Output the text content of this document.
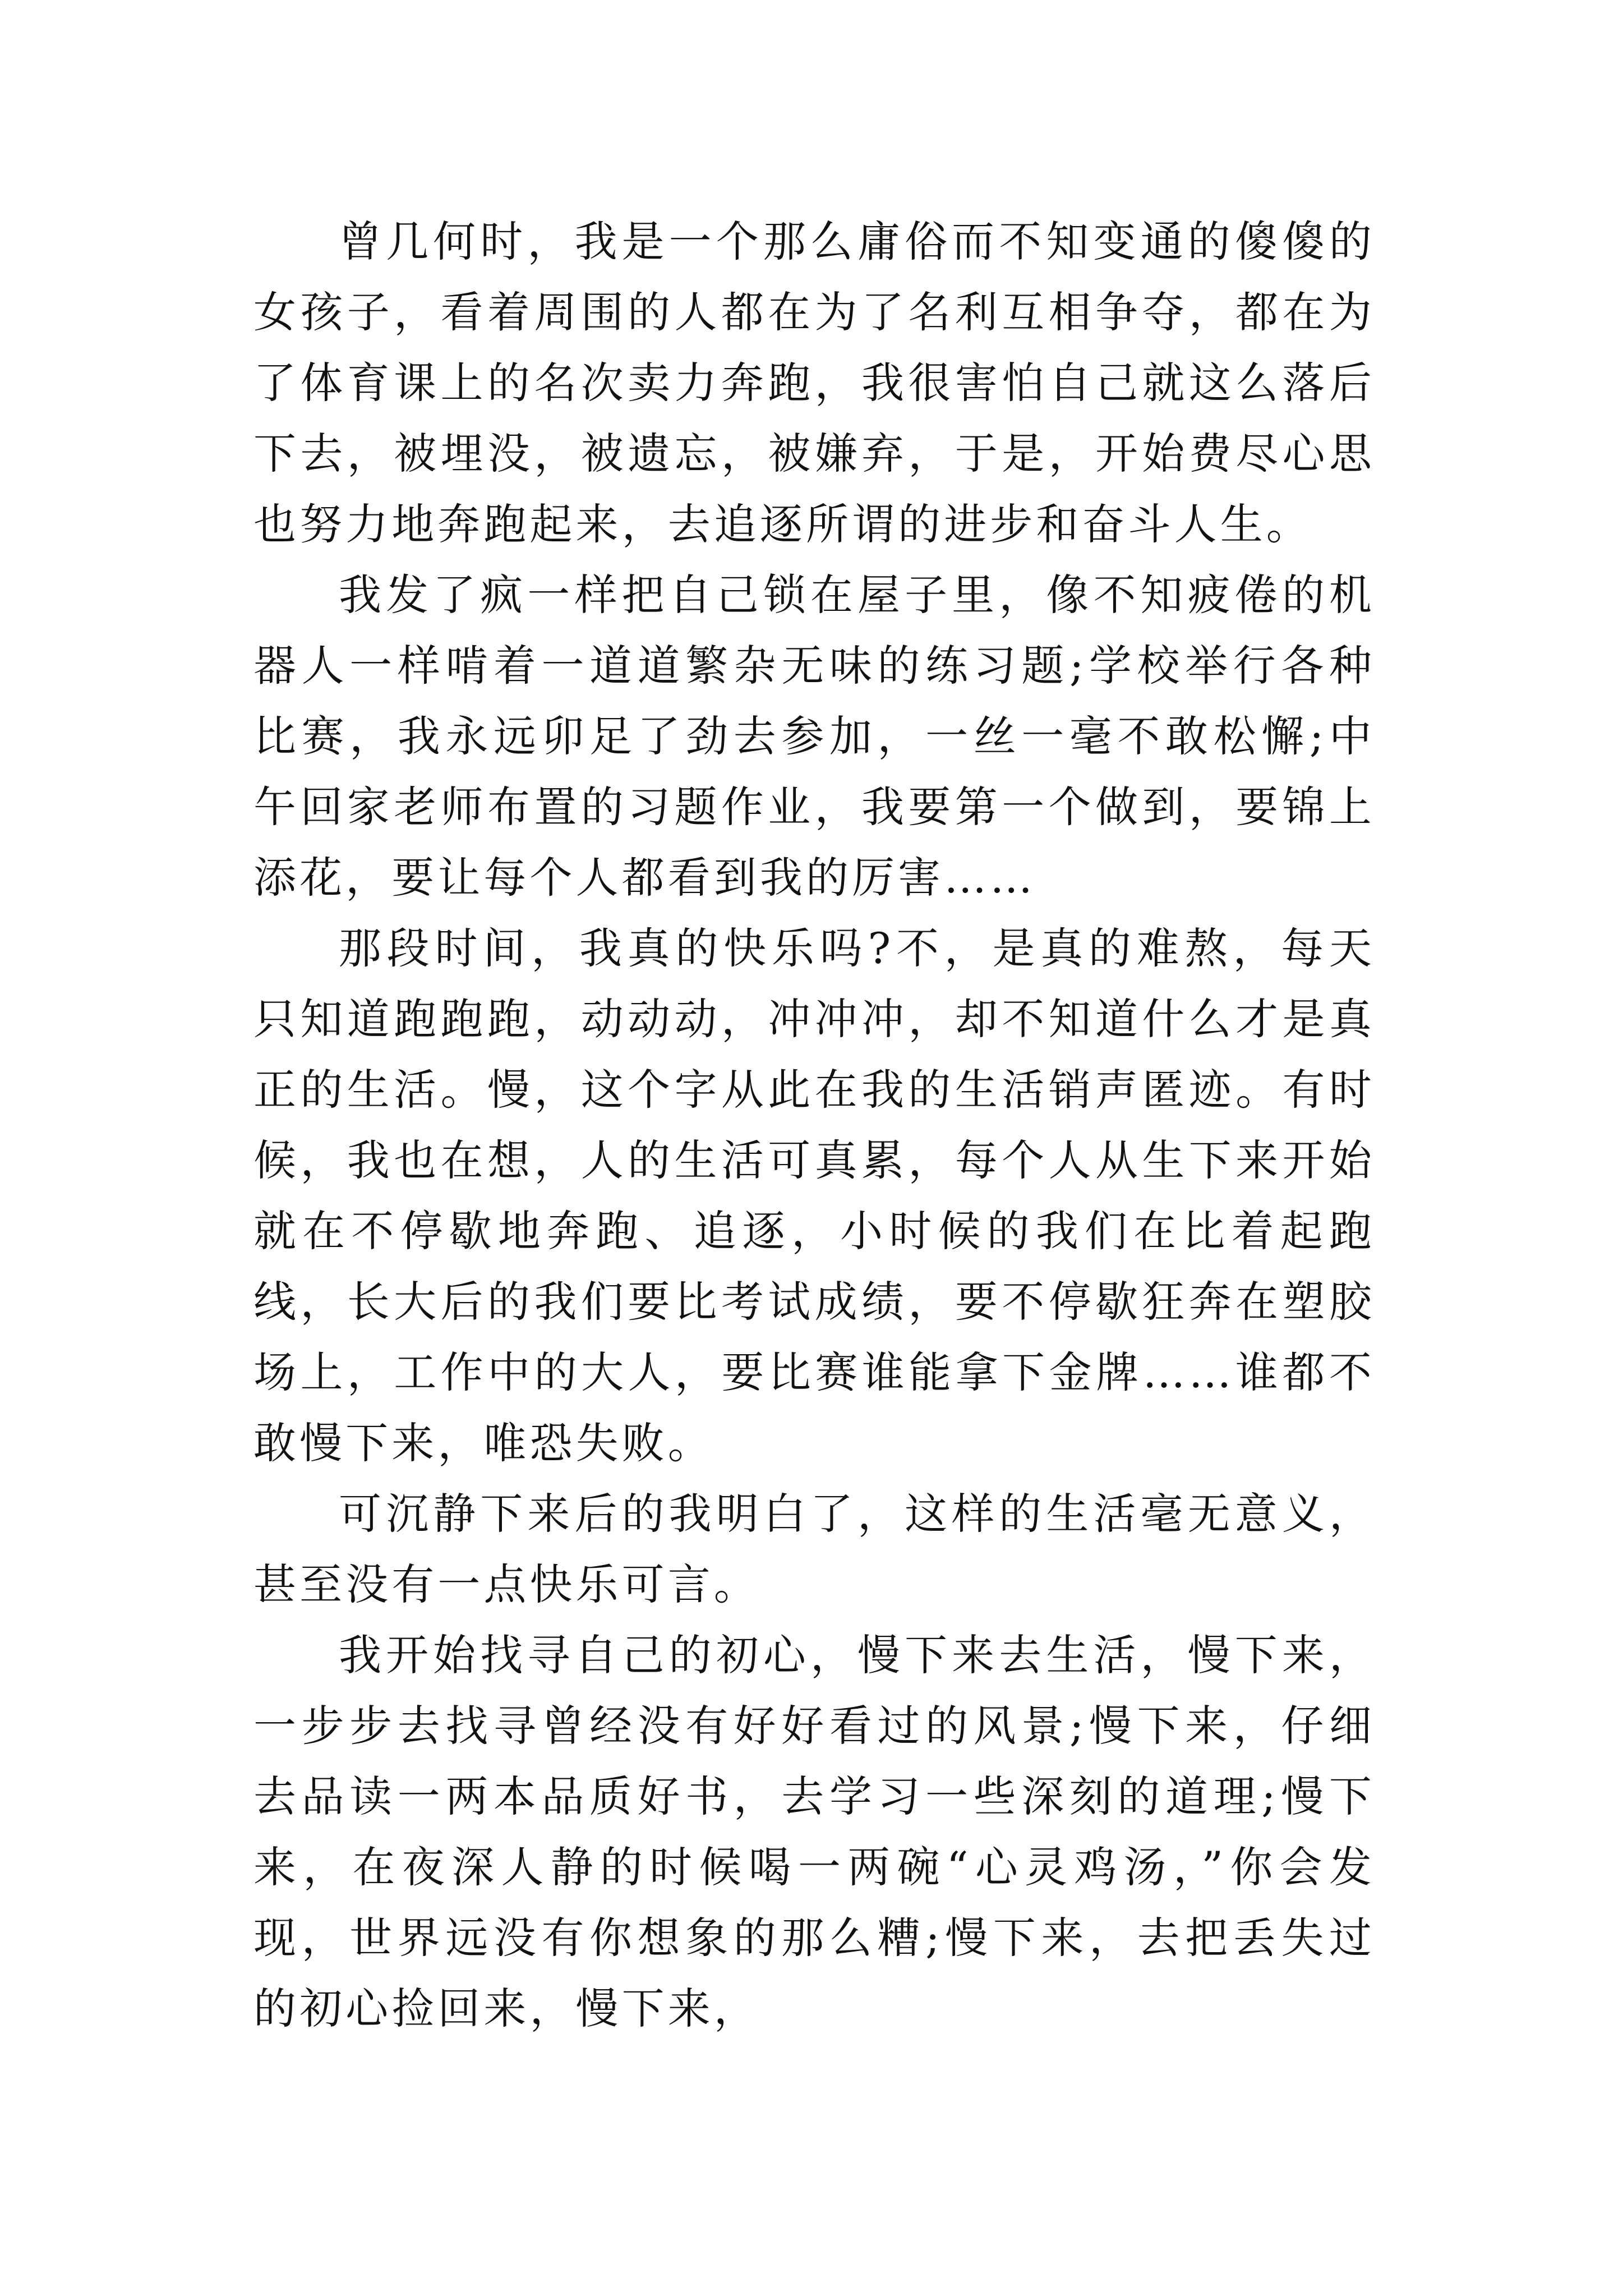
曾几何时，我是一个那么庸俗而不知变通的傻傻的女孩子，看着周围的人都在为了名利互相争夺，都在为了体育课上的名次卖力奔跑，我很害怕自己就这么落后下去，被埋没，被遗忘，被嫌弃，于是，开始费尽心思也努力地奔跑起来，去追逐所谓的进步和奋斗人生。

我发了疯一样把自己锁在屋子里，像不知疲倦的机器人一样啃着一道道繁杂无味的练习题;学校举行各种比赛，我永远卯足了劲去参加，一丝一毫不敢松懈;中午回家老师布置的习题作业，我要第一个做到，要锦上添花，要让每个人都看到我的厉害……

那段时间，我真的快乐吗?不，是真的难熬，每天只知道跑跑跑，动动动，冲冲冲，却不知道什么才是真正的生活。慢，这个字从此在我的生活销声匿迹。有时候，我也在想，人的生活可真累，每个人从生下来开始就在不停歇地奔跑、追逐，小时候的我们在比着起跑线，长大后的我们要比考试成绩，要不停歇狂奔在塑胶场上，工作中的大人，要比赛谁能拿下金牌……谁都不敢慢下来，唯恐失败。

可沉静下来后的我明白了，这样的生活毫无意义，甚至没有一点快乐可言。

我开始找寻自己的初心，慢下来去生活，慢下来，一步步去找寻曾经没有好好看过的风景;慢下来，仔细去品读一两本品质好书，去学习一些深刻的道理;慢下来，在夜深人静的时候喝一两碗“心灵鸡汤，”你会发现，世界远没有你想象的那么糟;慢下来，去把丢失过的初心捡回来，慢下来，
